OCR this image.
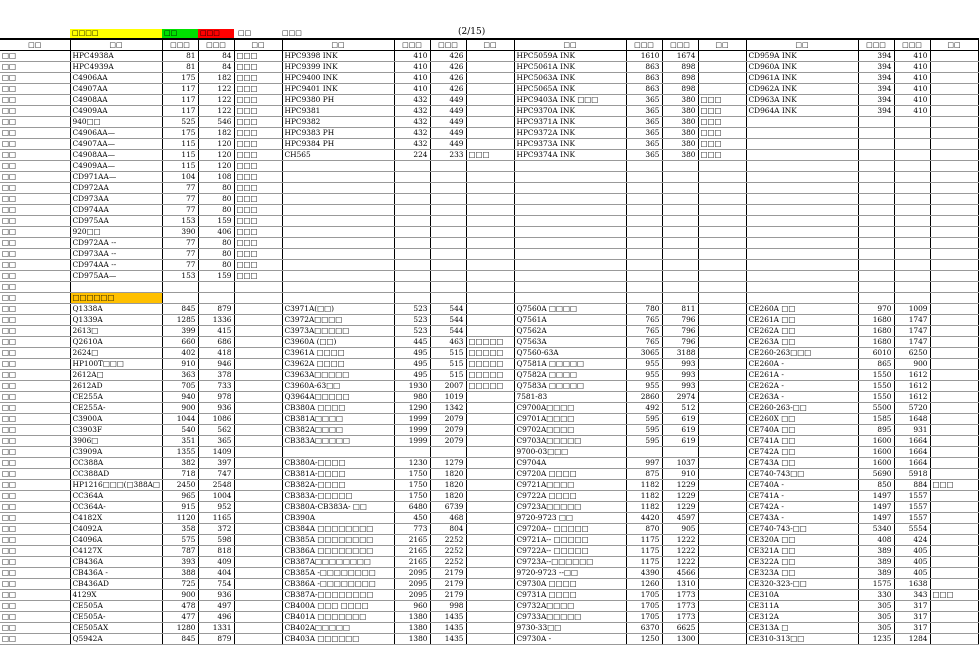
□□□□	□□	□□□	□□	□□□	(2/15)
□□	□□	□□□	□□□	□□	□□	□□□	□□□	□□	□□	□□□	□□□	□□	□□	□□□	□□□	□□
□□	HPC4938A	81	84	□□□	HPC9398 INK	410	426		HPC5059A INK	1610	1674		CD959A INK	394	410	
□□	HPC4939A	81	84	□□□	HPC9399 INK	410	426		HPC5061A INK	863	898		CD960A INK	394	410	
□□	C4906AA	175	182	□□□	HPC9400 INK	410	426		HPC5063A INK	863	898		CD961A INK	394	410	
□□	C4907AA	117	122	□□□	HPC9401 INK	410	426		HPC5065A INK	863	898		CD962A INK	394	410	
□□	C4908AA	117	122	□□□	HPC9380 PH	432	449		HPC9403A INK □□□	365	380	□□□	CD963A INK	394	410	
□□	C4909AA	117	122	□□□	HPC9381	432	449		HPC9370A INK	365	380	□□□	CD964A INK	394	410	
□□	940□□	525	546	□□□	HPC9382	432	449		HPC9371A INK	365	380	□□□				
□□	C4906AA—	175	182	□□□	HPC9383 PH	432	449		HPC9372A INK	365	380	□□□				
□□	C4907AA—	115	120	□□□	HPC9384 PH	432	449		HPC9373A INK	365	380	□□□				
□□	C4908AA—	115	120	□□□	CH565	224	233	□□□	HPC9374A INK	365	380	□□□				
□□	C4909AA—	115	120	□□□												
□□	CD971AA—	104	108	□□□												
□□	CD972AA	77	80	□□□												
□□	CD973AA	77	80	□□□												
□□	CD974AA	77	80	□□□												
□□	CD975AA	153	159	□□□												
□□	920□□	390	406	□□□												
□□	CD972AA --	77	80	□□□												
□□	CD973AA --	77	80	□□□												
□□	CD974AA --	77	80	□□□												
□□	CD975AA—	153	159	□□□												
□□																
□□	□□□□□□															
□□	Q1338A	845	879		C3971A(□□)	523	544		Q7560A □□□□	780	811		CE260A □□	970	1009	
□□	Q1339A	1285	1336		C3972A□□□□	523	544		Q7561A	765	796		CE261A □□	1680	1747	
□□	2613□	399	415		C3973A□□□□□	523	544		Q7562A	765	796		CE262A □□	1680	1747	
□□	Q2610A	660	686		C3960A (□□)	445	463	□□□□□	Q7563A	765	796		CE263A □□	1680	1747	
□□	2624□	402	418		C3961A □□□□	495	515	□□□□□	Q7560-63A	3065	3188		CE260-263□□□	6010	6250	
□□	HP100T□□□	910	946		C3962A □□□□	495	515	□□□□□	Q7581A □□□□□	955	993		CE260A -	865	900	
□□	2612A□	363	378		C3963A□□□□□	495	515	□□□□□	Q7582A □□□□	955	993		CE261A -	1550	1612	
□□	2612AD	705	733		C3960A-63□□	1930	2007	□□□□□	Q7583A □□□□□	955	993		CE262A -	1550	1612	
□□	CE255A	940	978		Q3964A□□□□□	980	1019		7581-83	2860	2974		CE263A -	1550	1612	
□□	CE255A-	900	936		CB380A □□□□	1290	1342		C9700A□□□□	492	512		CE260-263-□□	5500	5720	
□□	C3900A	1044	1086		CB381A□□□□	1999	2079		C9701A□□□□	595	619		CE260X □□	1585	1648	
□□	C3903F	540	562		CB382A□□□□	1999	2079		C9702A□□□□	595	619		CE740A □□	895	931	
□□	3906□	351	365		CB383A□□□□□	1999	2079		C9703A□□□□□	595	619		CE741A □□	1600	1664	
□□	C3909A	1355	1409						9700-03□□□				CE742A □□	1600	1664	
□□	CC388A	382	397		CB380A-□□□□	1230	1279		C9704A	997	1037		CE743A □□	1600	1664	
□□	CC388AD	718	747		CB381A-□□□□	1750	1820		C9720A □□□□	875	910		CE740-743□□	5690	5918	
□□	HP1216□□□(□388A□	2450	2548		CB382A-□□□□	1750	1820		C9721A□□□□	1182	1229		CE740A -	850	884	□□□
□□	CC364A	965	1004		CB383A-□□□□□	1750	1820		C9722A □□□□	1182	1229		CE741A -	1497	1557	
□□	CC364A-	915	952		CB380A-CB383A- □□	6480	6739		C9723A□□□□□	1182	1229		CE742A -	1497	1557	
□□	C4182X	1120	1165		CB390A	450	468		9720-9723 □□	4420	4597		CE743A -	1497	1557	
□□	C4092A	358	372		CB384A □□□□□□□□	773	804		C9720A-- □□□□□	870	905		CE740-743-□□	5340	5554	
□□	C4096A	575	598		CB385A □□□□□□□□	2165	2252		C9721A-- □□□□□	1175	1222		CE320A □□	408	424	
□□	C4127X	787	818		CB386A □□□□□□□□	2165	2252		C9722A-- □□□□□	1175	1222		CE321A □□	389	405	
□□	CB436A	393	409		CB387A□□□□□□□□	2165	2252		C9723A--□□□□□□	1175	1222		CE322A □□	389	405	
□□	CB436A -	388	404		CB385A -□□□□□□□□	2095	2179		9720-9723 --□□	4390	4566		CE323A □□	389	405	
□□	CB436AD	725	754		CB386A -□□□□□□□□	2095	2179		C9730A □□□□	1260	1310		CE320-323-□□	1575	1638	
□□	4129X	900	936		CB387A-□□□□□□□□	2095	2179		C9731A □□□□	1705	1773		CE310A	330	343	□□□
□□	CE505A	478	497		CB400A □□□ □□□□	960	998		C9732A□□□□	1705	1773		CE311A	305	317	
□□	CE505A-	477	496		CB401A □□□□□□□	1380	1435		C9733A□□□□□	1705	1773		CE312A	305	317	
□□	CE505AX	1280	1331		CB402A□□□□□	1380	1435		9730-33□□	6370	6625		CE313A □	305	317	
□□	Q5942A	845	879		CB403A □□□□□□	1380	1435		C9730A -	1250	1300		CE310-313□□	1235	1284	
